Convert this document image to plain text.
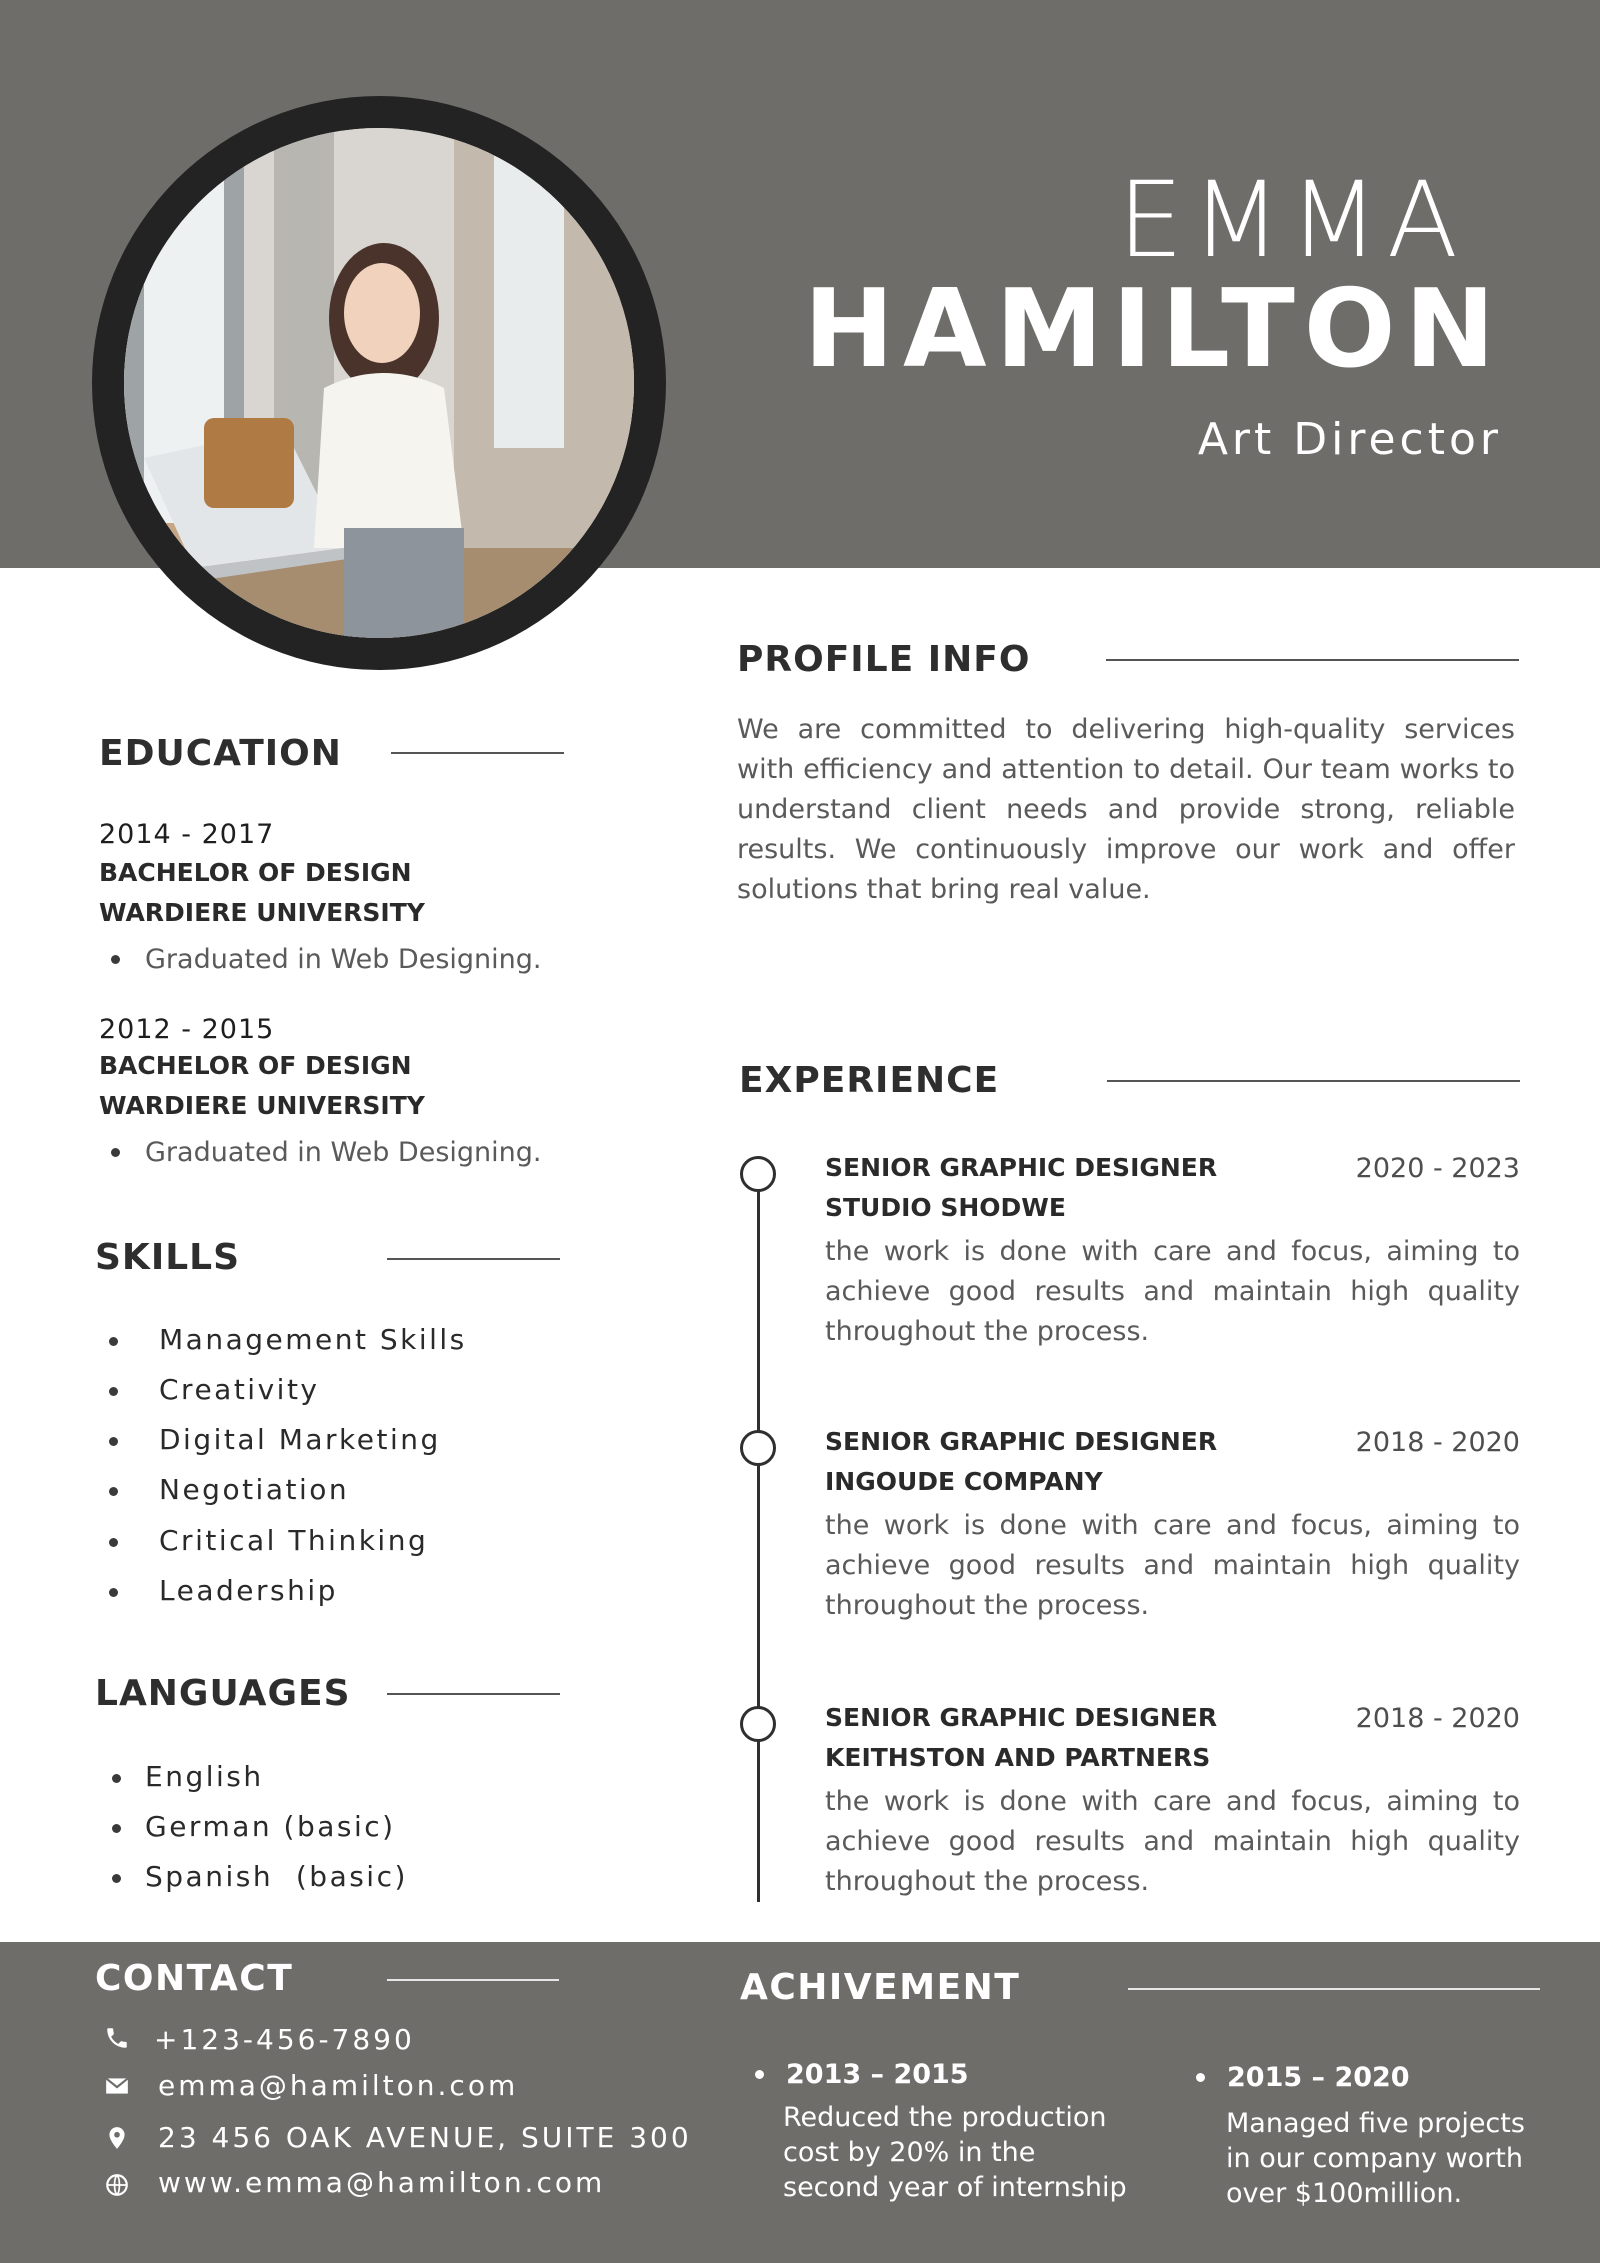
EMMA
HAMILTON
Art Director
EDUCATION
2014 - 2017
BACHELOR OF DESIGN
WARDIERE UNIVERSITY
Graduated in Web Designing.
2012 - 2015
BACHELOR OF DESIGN
WARDIERE UNIVERSITY
Graduated in Web Designing.
SKILLS
Management Skills
Creativity
Digital Marketing
Negotiation
Critical Thinking
Leadership
LANGUAGES
English
German (basic)
Spanish  (basic)
PROFILE INFO
We are committed to delivering high-quality services with efficiency and attention to detail. Our team works to understand client needs and provide strong, reliable results. We continuously improve our work and offer solutions that bring real value.
EXPERIENCE
SENIOR GRAPHIC DESIGNER	2020 - 2023
STUDIO SHODWE
the work is done with care and focus, aiming to achieve good results and maintain high quality throughout the process.
SENIOR GRAPHIC DESIGNER	2018 - 2020
INGOUDE COMPANY
the work is done with care and focus, aiming to achieve good results and maintain high quality throughout the process.
SENIOR GRAPHIC DESIGNER	2018 - 2020
KEITHSTON AND PARTNERS
the work is done with care and focus, aiming to achieve good results and maintain high quality throughout the process.
CONTACT
+123-456-7890
emma@hamilton.com
23 456 OAK AVENUE, SUITE 300
www.emma@hamilton.com
ACHIVEMENT
2013 – 2015
Reduced the production
cost by 20% in the
second year of internship
2015 – 2020
Managed five projects
in our company worth
over $100million.
